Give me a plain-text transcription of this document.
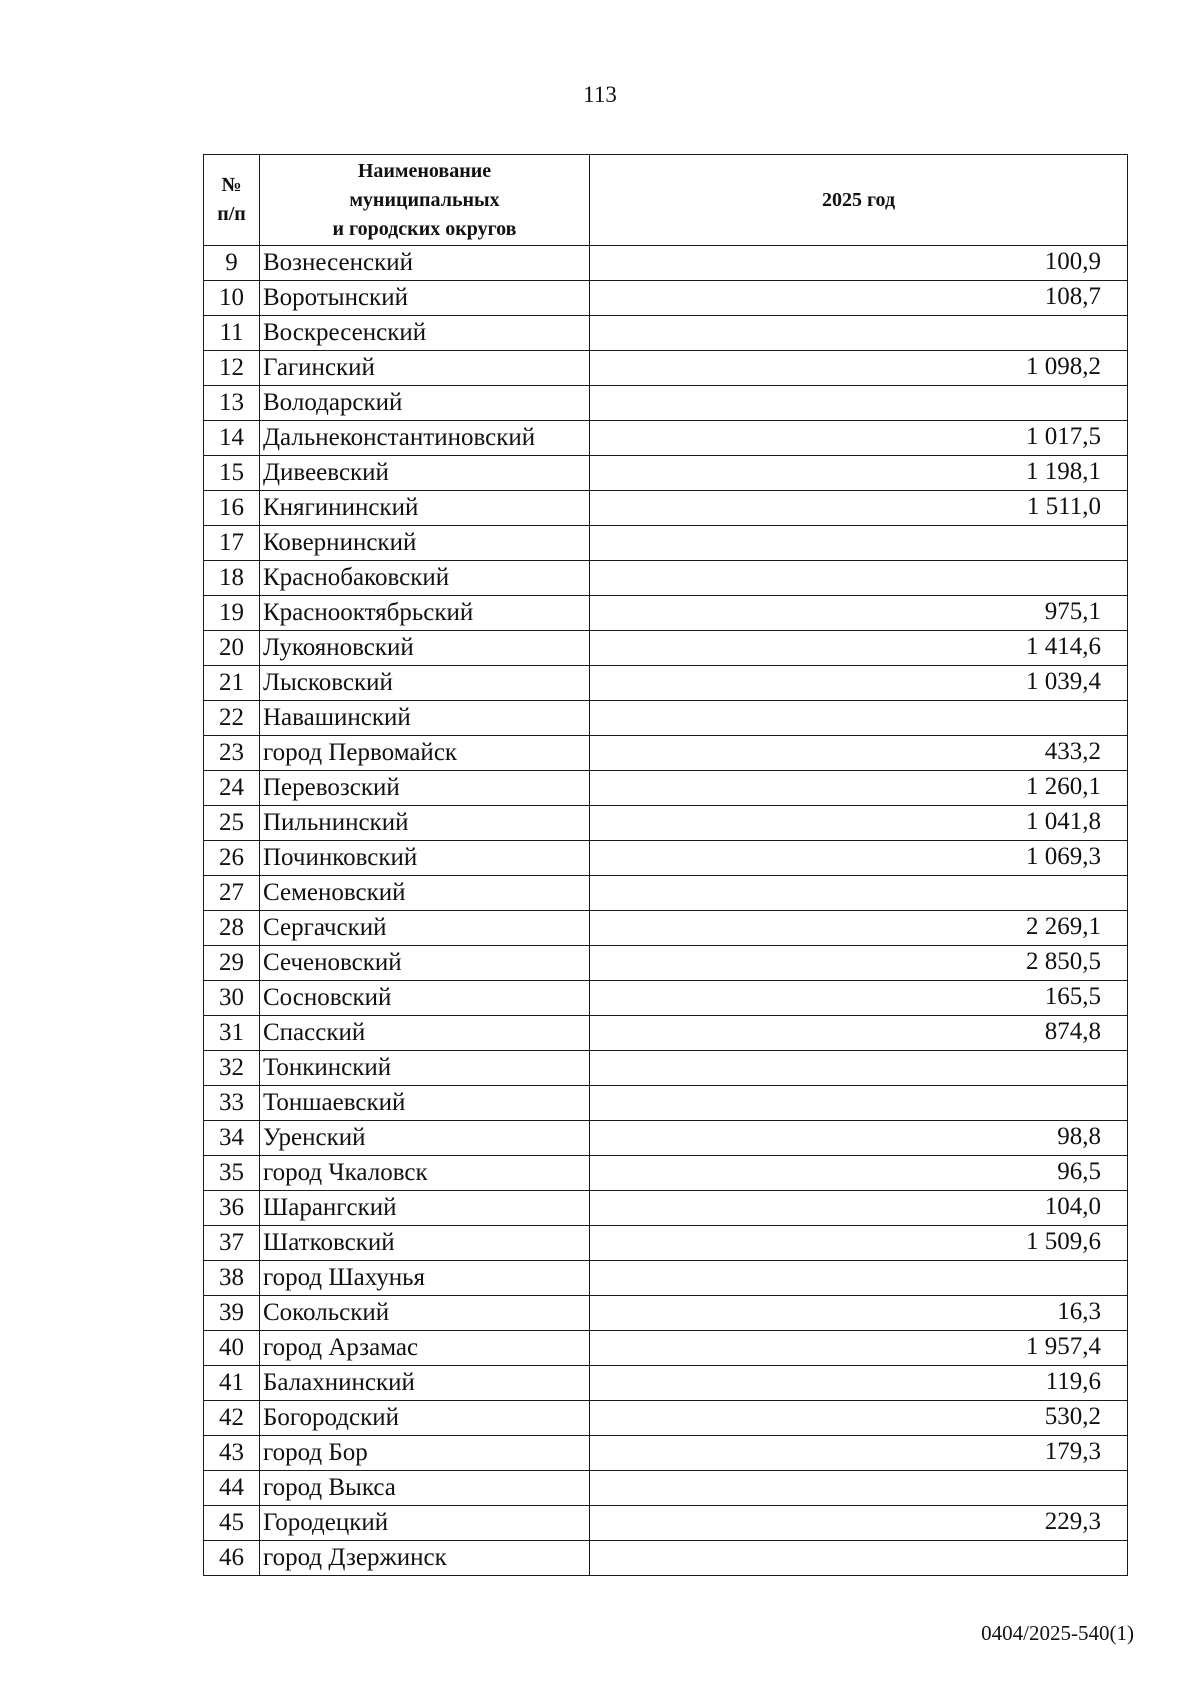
113
№
п/п	Наименование
муниципальных
и городских округов	2025 год
9	Вознесенский	100,9
10	Воротынский	108,7
11	Воскресенский	
12	Гагинский	1 098,2
13	Володарский	
14	Дальнеконстантиновский	1 017,5
15	Дивеевский	1 198,1
16	Княгининский	1 511,0
17	Ковернинский	
18	Краснобаковский	
19	Краснооктябрьский	975,1
20	Лукояновский	1 414,6
21	Лысковский	1 039,4
22	Навашинский	
23	город Первомайск	433,2
24	Перевозский	1 260,1
25	Пильнинский	1 041,8
26	Починковский	1 069,3
27	Семеновский	
28	Сергачский	2 269,1
29	Сеченовский	2 850,5
30	Сосновский	165,5
31	Спасский	874,8
32	Тонкинский	
33	Тоншаевский	
34	Уренский	98,8
35	город Чкаловск	96,5
36	Шарангский	104,0
37	Шатковский	1 509,6
38	город Шахунья	
39	Сокольский	16,3
40	город Арзамас	1 957,4
41	Балахнинский	119,6
42	Богородский	530,2
43	город Бор	179,3
44	город Выкса	
45	Городецкий	229,3
46	город Дзержинск	
0404/2025-540(1)
